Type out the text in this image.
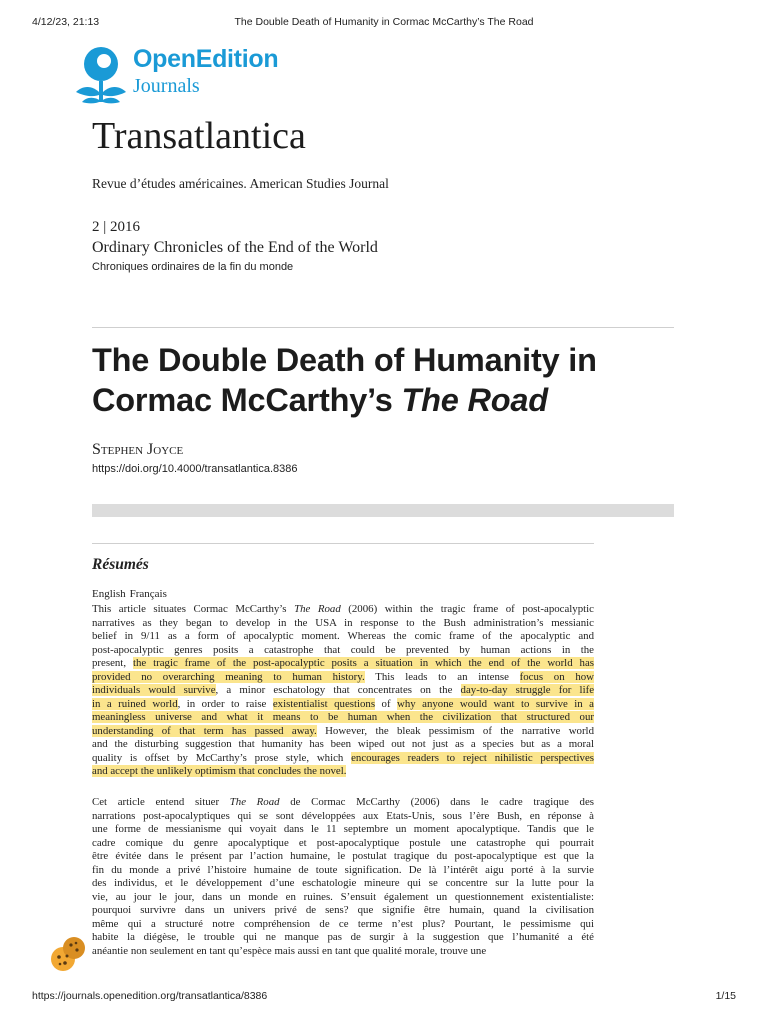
4/12/23, 21:13	The Double Death of Humanity in Cormac McCarthy’s The Road
OpenEdition
Journals
Transatlantica
Revue d’études américaines. American Studies Journal
2 | 2016
Ordinary Chronicles of the End of the World
Chroniques ordinaires de la fin du monde
The Double Death of Humanity in
Cormac McCarthy’s The Road
Stephen Joyce
https://doi.org/10.4000/transatlantica.8386
Résumés
English Français

This article situates Cormac McCarthy’s The Road (2006) within the tragic frame of post-apocalyptic
narratives as they began to develop in the USA in response to the Bush administration’s messianic
belief in 9/11 as a form of apocalyptic moment. Whereas the comic frame of the apocalyptic and
post-apocalyptic genres posits a catastrophe that could be prevented by human actions in the
present, the tragic frame of the post-apocalyptic posits a situation in which the end of the world has
provided no overarching meaning to human history. This leads to an intense focus on how
individuals would survive, a minor eschatology that concentrates on the day-to-day struggle for life
in a ruined world, in order to raise existentialist questions of why anyone would want to survive in a
meaningless universe and what it means to be human when the civilization that structured our
understanding of that term has passed away. However, the bleak pessimism of the narrative world
and the disturbing suggestion that humanity has been wiped out not just as a species but as a moral
quality is offset by McCarthy’s prose style, which encourages readers to reject nihilistic perspectives
and accept the unlikely optimism that concludes the novel.

Cet article entend situer The Road de Cormac McCarthy (2006) dans le cadre tragique des
narrations post-apocalyptiques qui se sont développées aux Etats-Unis, sous l’ère Bush, en réponse à
une forme de messianisme qui voyait dans le 11 septembre un moment apocalyptique. Tandis que le
cadre comique du genre apocalyptique et post-apocalyptique postule une catastrophe qui pourrait
être évitée dans le présent par l’action humaine, le postulat tragique du post-apocalyptique est que la
fin du monde a privé l’histoire humaine de toute signification. De là l’intérêt aigu porté à la survie
des individus, et le développement d’une eschatologie mineure qui se concentre sur la lutte pour la
vie, au jour le jour, dans un monde en ruines. S’ensuit également un questionnement existentialiste:
pourquoi survivre dans un univers privé de sens? que signifie être humain, quand la civilisation
même qui a structuré notre compréhension de ce terme n’est plus? Pourtant, le pessimisme qui
habite la diégèse, le trouble qui ne manque pas de surgir à la suggestion que l’humanité a été
anéantie non seulement en tant qu’espèce mais aussi en tant que qualité morale, trouve une

https://journals.openedition.org/transatlantica/8386	1/15
